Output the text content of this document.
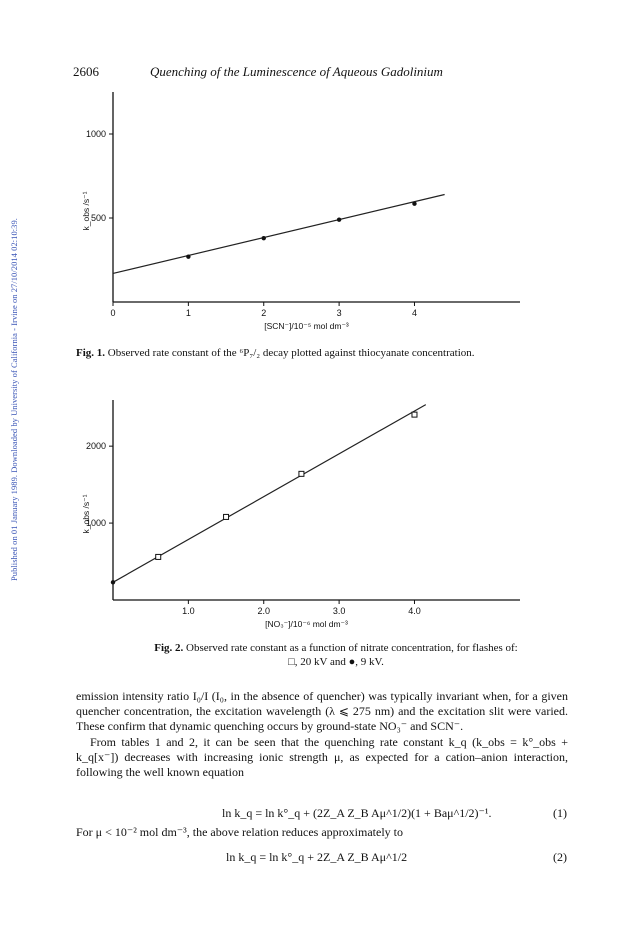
Published on 01 January 1989. Downloaded by University of California - Irvine on 27/10/2014 02:10:39.
2606	Quenching of the Luminescence of Aqueous Gadolinium
0	1	2	3	4
500
1000
[SCN⁻]/10⁻⁵ mol dm⁻³
k_obs /s⁻¹
1.0	2.0	3.0	4.0
1000
2000
[NO₃⁻]/10⁻⁶ mol dm⁻³
k_obs /s⁻¹
Fig. 1. Observed rate constant of the ⁶P₇/₂ decay plotted against thiocyanate concentration.
Fig. 2. Observed rate constant as a function of nitrate concentration, for flashes of:
□, 20 kV and ●, 9 kV.

emission intensity ratio I₀/I (I₀, in the absence of quencher) was typically invariant when, for a given quencher concentration, the excitation wavelength (λ ⩽ 275 nm) and the excitation slit were varied. These confirm that dynamic quenching occurs by ground-state NO₃⁻ and SCN⁻.

From tables 1 and 2, it can be seen that the quenching rate constant k_q (k_obs = k°_obs + k_q[x⁻]) decreases with increasing ionic strength μ, as expected for a cation–anion interaction, following the well known equation

ln k_q = ln k°_q + (2Z_A Z_B Aμ^1/2)(1 + Baμ^1/2)⁻¹.	(1)
For μ < 10⁻² mol dm⁻³, the above relation reduces approximately to
ln k_q = ln k°_q + 2Z_A Z_B Aμ^1/2	(2)
